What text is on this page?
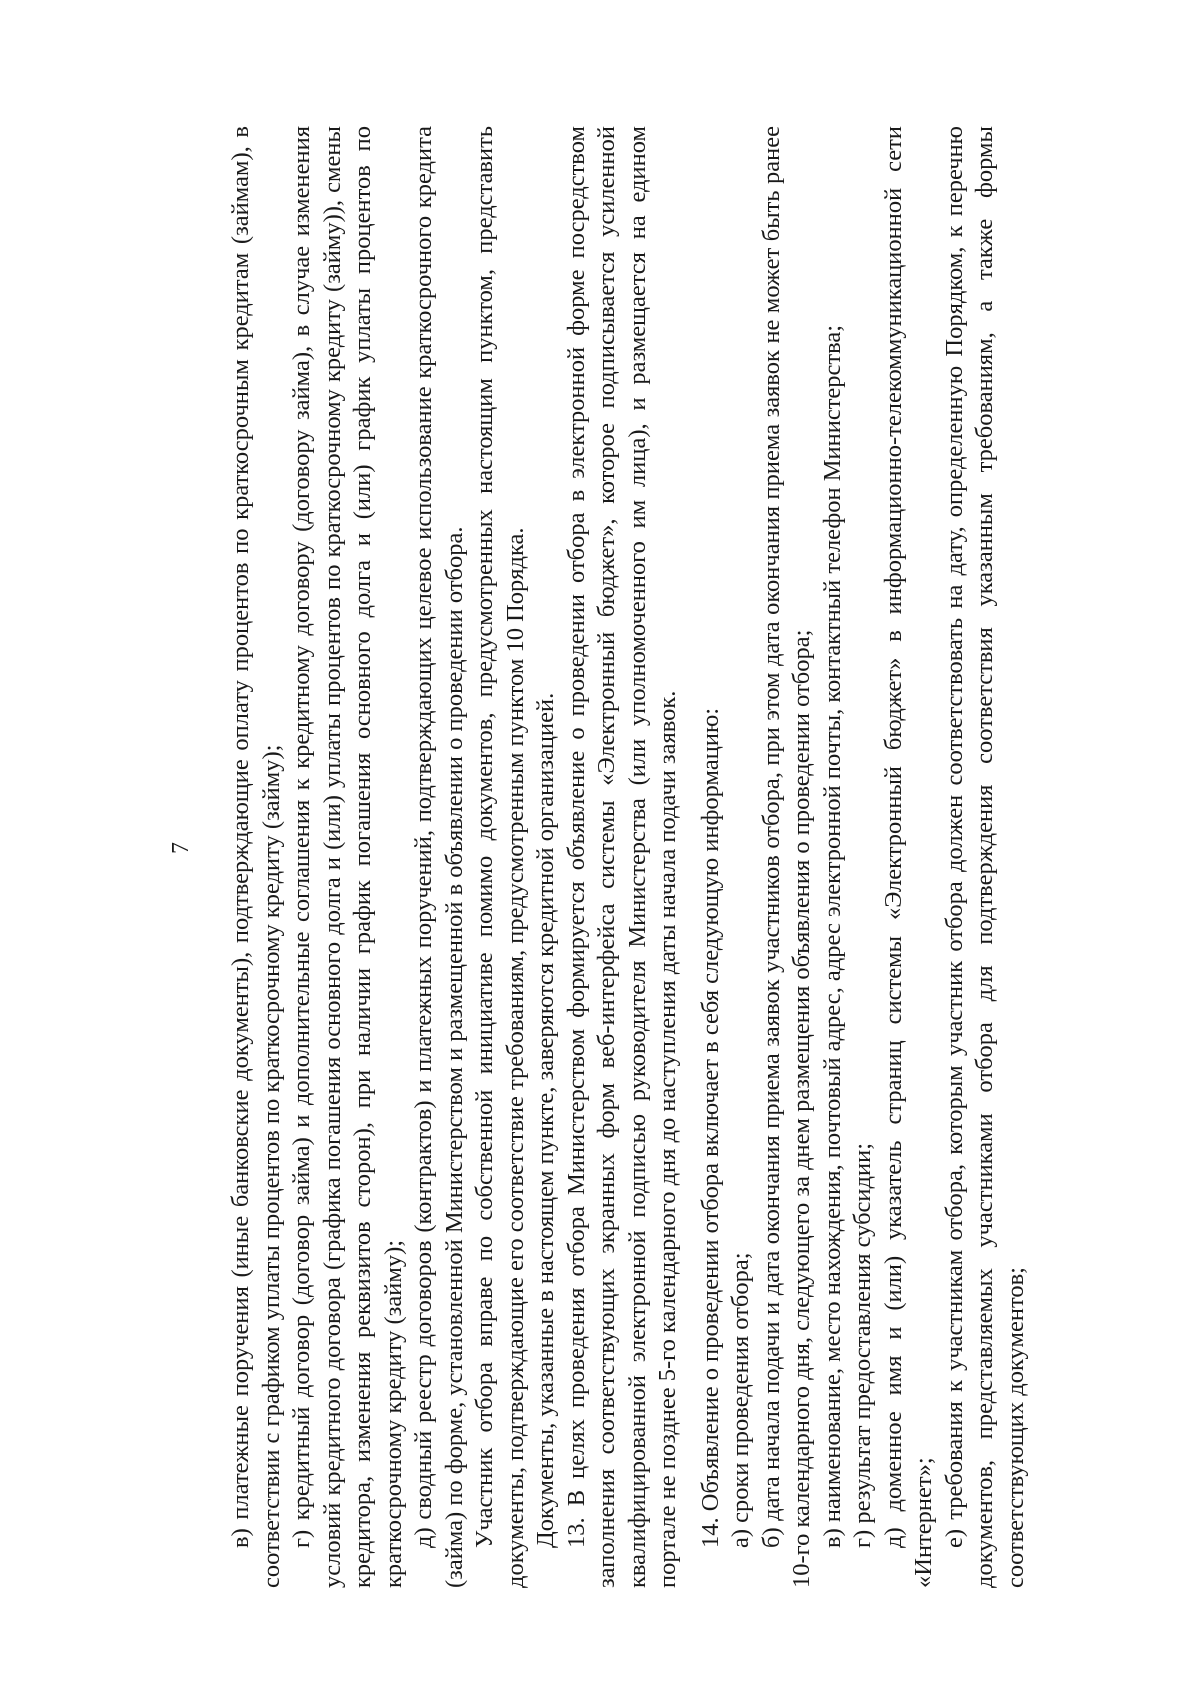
7 в) платежные поручения (иные банковские документы), подтверждающие оплату процентов по краткосрочным кредитам (займам), в соответствии с графиком уплаты процентов по краткосрочному кредиту (займу); г) кредитный договор (договор займа) и дополнительные соглашения к кредитному договору (договору займа), в случае изменения условий кредитного договора (графика погашения основного долга и (или) уплаты процентов по краткосрочному кредиту (займу)), смены кредитора, изменения реквизитов сторон), при наличии график погашения основного долга и (или) график уплаты процентов по краткосрочному кредиту (займу); д) сводный реестр договоров (контрактов) и платежных поручений, подтверждающих целевое использование краткосрочного кредита (займа) по форме, установленной Министерством и размещенной в объявлении о проведении отбора. Участник отбора вправе по собственной инициативе помимо документов, предусмотренных настоящим пунктом, представить документы, подтверждающие его соответствие требованиям, предусмотренным пунктом 10 Порядка. Документы, указанные в настоящем пункте, заверяются кредитной организацией. 13. В целях проведения отбора Министерством формируется объявление о проведении отбора в электронной форме посредством заполнения соответствующих экранных форм веб-интерфейса системы «Электронный бюджет», которое подписывается усиленной квалифицированной электронной подписью руководителя Министерства (или уполномоченного им лица), и размещается на едином портале не позднее 5-го календарного дня до наступления даты начала подачи заявок. 14. Объявление о проведении отбора включает в себя следующую информацию: а) сроки проведения отбора; б) дата начала подачи и дата окончания приема заявок участников отбора, при этом дата окончания приема заявок не может быть ранее 10-го календарного дня, следующего за днем размещения объявления о проведении отбора; в) наименование, место нахождения, почтовый адрес, адрес электронной почты, контактный телефон Министерства; г) результат предоставления субсидии; д) доменное имя и (или) указатель страниц системы «Электронный бюджет» в информационно-телекоммуникационной сети «Интернет»; е) требования к участникам отбора, которым участник отбора должен соответствовать на дату, определенную Порядком, к перечню документов, представляемых участниками отбора для подтверждения соответствия указанным требованиям, а также формы соответствующих документов;
